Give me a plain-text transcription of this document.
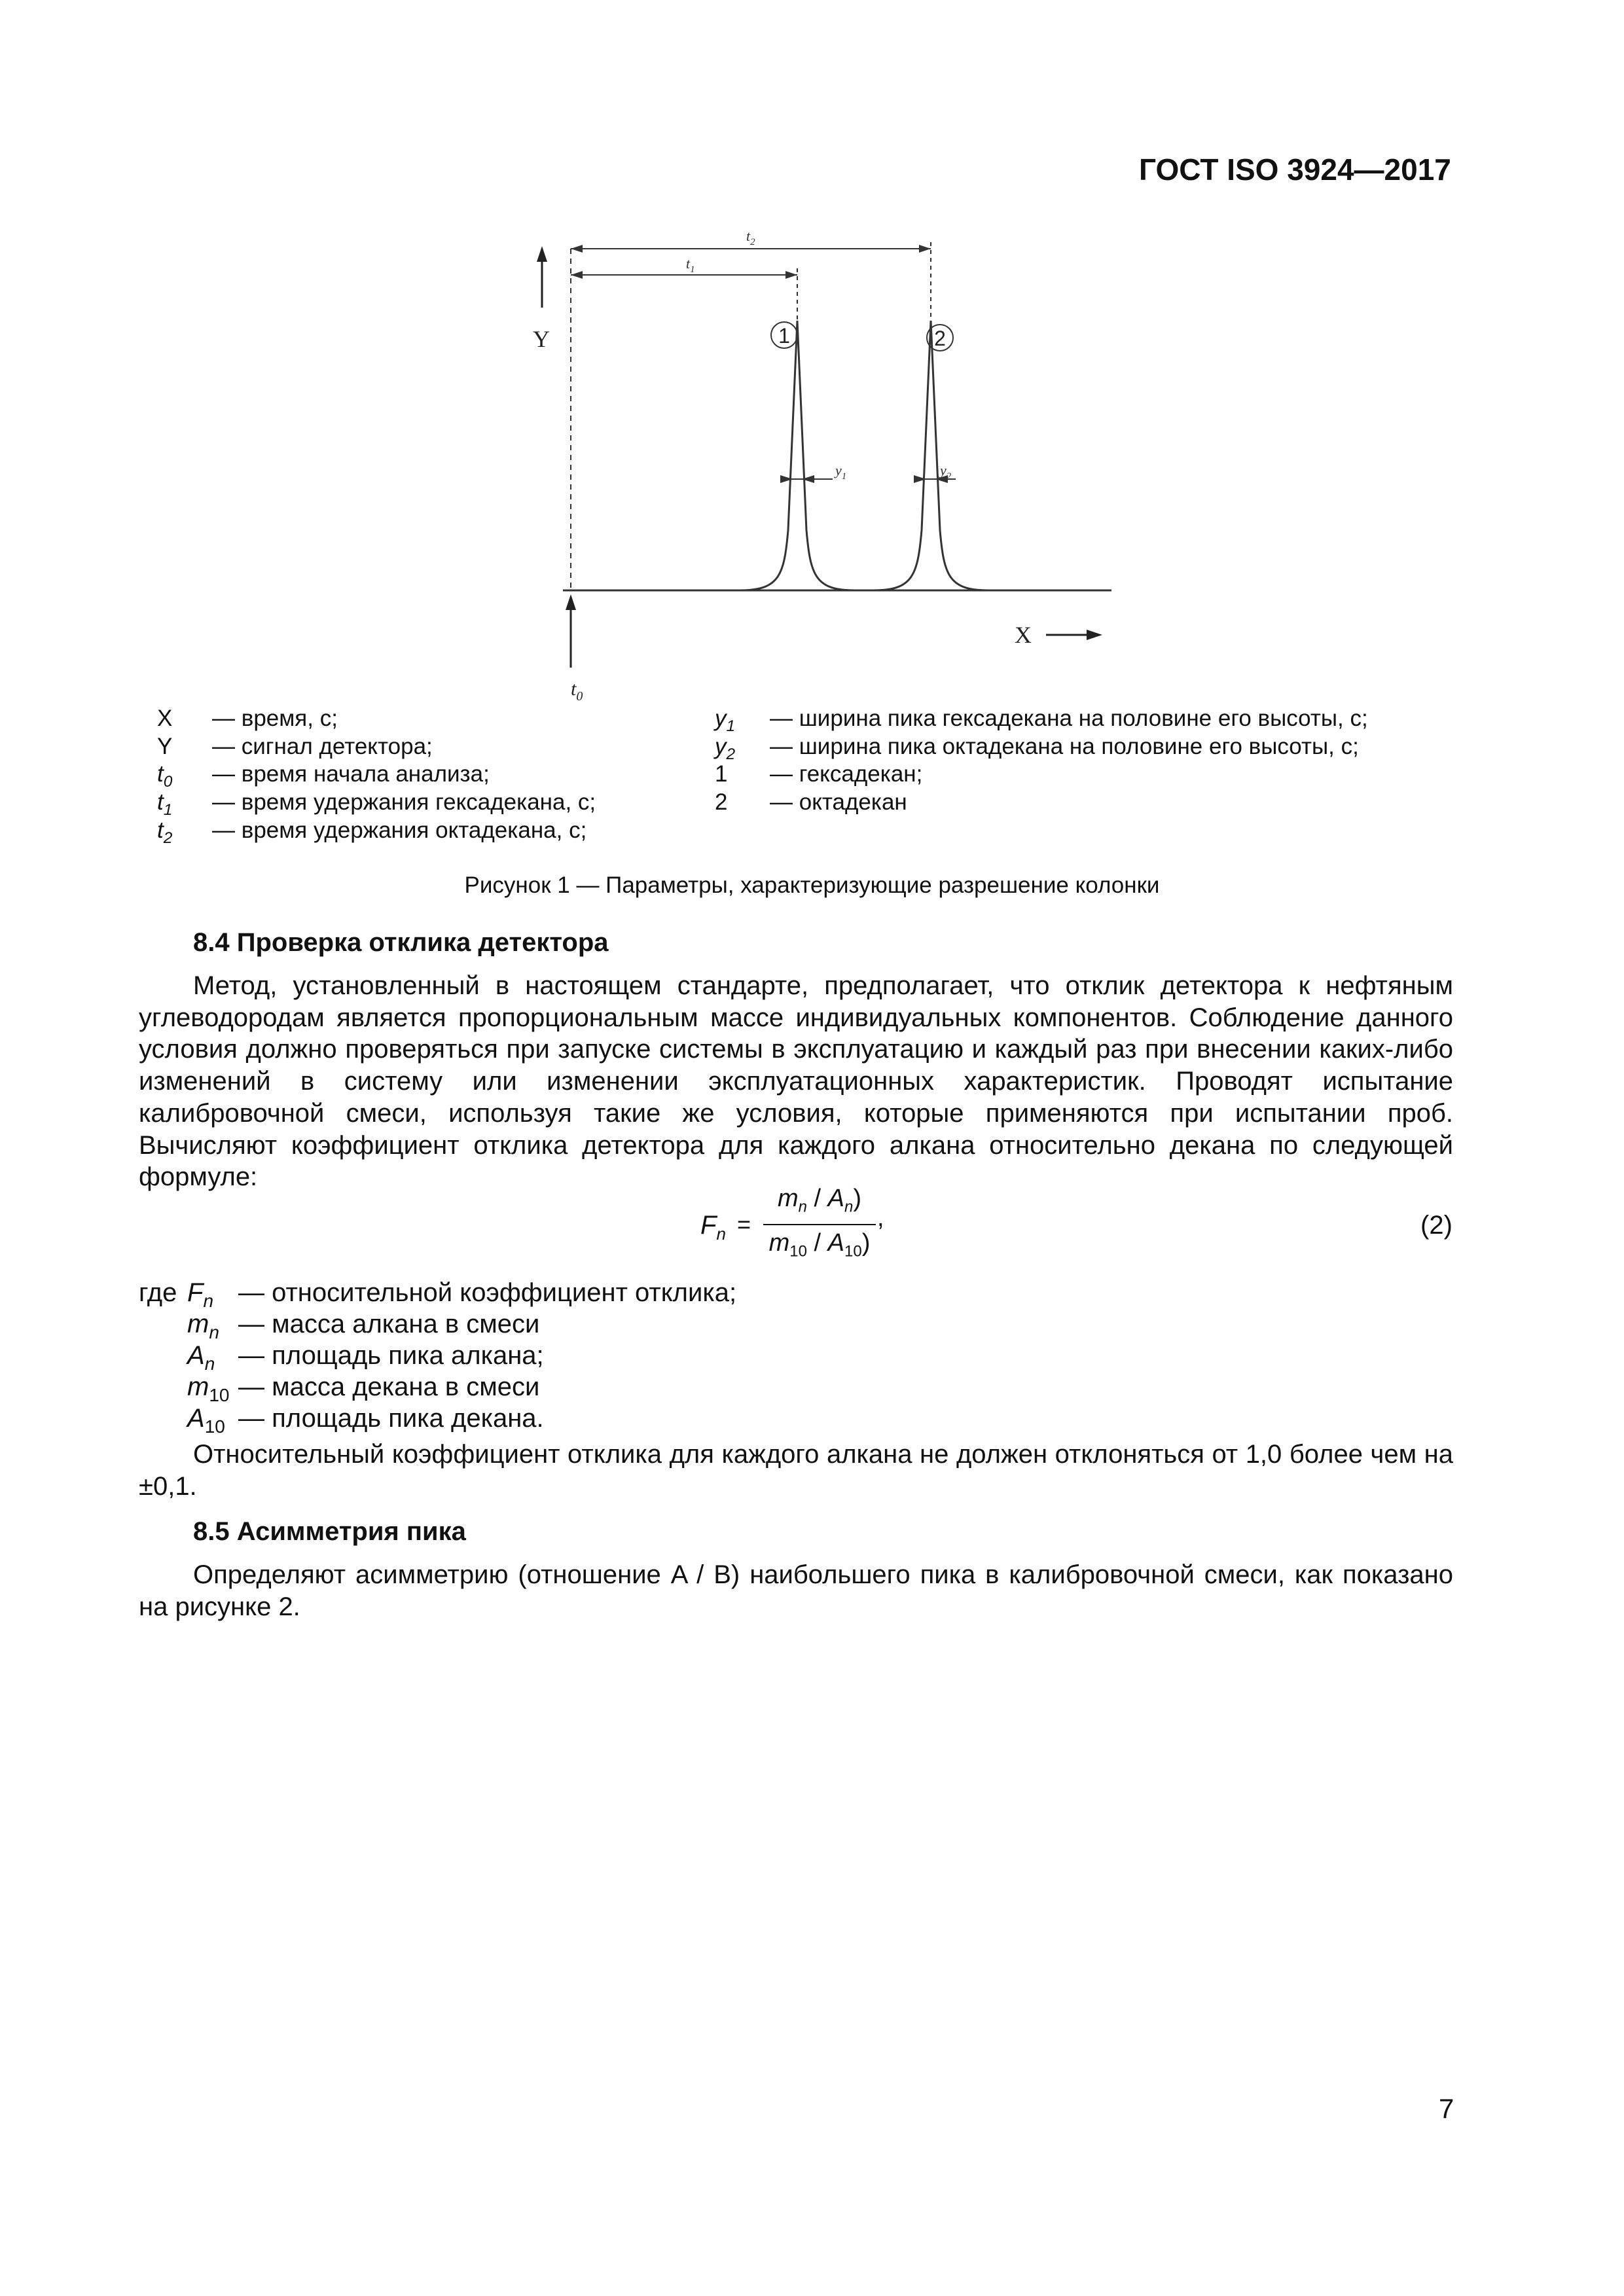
ГОСТ ISO 3924—2017
Y
$t_0$
1	2
$t_2$
$t_1$
$y_1$	$y_2$
X
X — время, с;
Y — сигнал детектора;
$t_0$ — время начала анализа;
$t_1$ — время удержания гексадекана, с;
$t_2$ — время удержания октадекана, с;
$y_1$ — ширина пика гексадекана на половине его высоты, с;
$y_2$ — ширина пика октадекана на половине его высоты, с;
1 — гексадекан;
2 — октадекан
Рисунок 1 — Параметры, характеризующие разрешение колонки
8.4 Проверка отклика детектора
Метод, установленный в настоящем стандарте, предполагает, что отклик детектора к нефтяным углеводородам является пропорциональным массе индивидуальных компонентов. Соблюдение данного условия должно проверяться при запуске системы в эксплуатацию и каждый раз при внесении каких-либо изменений в систему или изменении эксплуатационных характеристик. Проводят испытание калибровочной смеси, используя такие же условия, которые применяются при испытании проб. Вычисляют коэффициент отклика детектора для каждого алкана относительно декана по следующей формуле:
$F_n$ =
$m_n / A_n$)
$m_{10} / A_{10}$)
,	(2)
где $F_n$ — относительной коэффициент отклика;
$m_n$ — масса алкана в смеси
$A_n$ — площадь пика алкана;
$m_{10}$ — масса декана в смеси
$A_{10}$ — площадь пика декана.
Относительный коэффициент отклика для каждого алкана не должен отклоняться от 1,0 более чем на ±0,1.
8.5 Асимметрия пика
Определяют асимметрию (отношение A / B) наибольшего пика в калибровочной смеси, как показано на рисунке 2.
7
